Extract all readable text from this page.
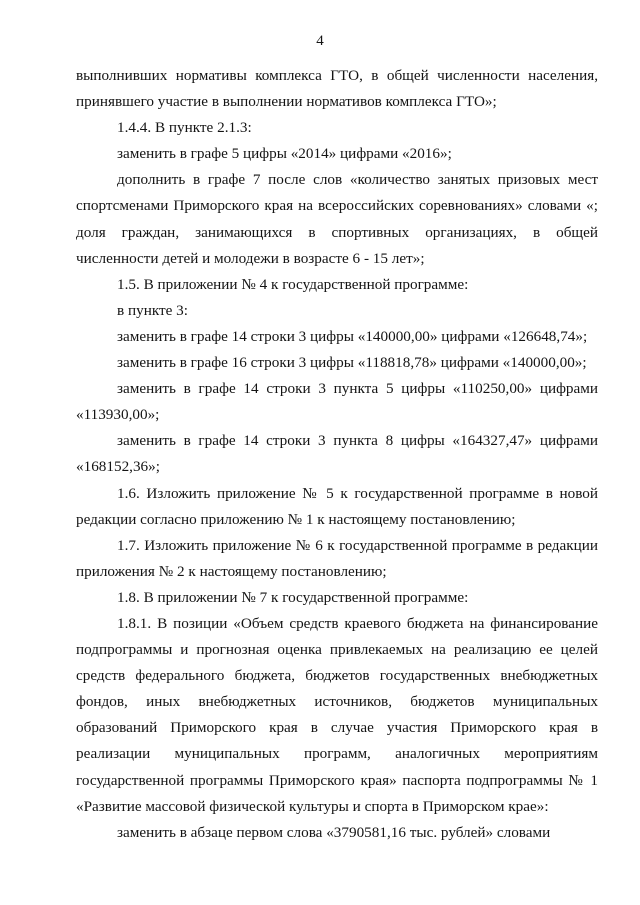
4

выполнивших нормативы комплекса ГТО, в общей численности населения, принявшего участие в выполнении нормативов комплекса ГТО»;

1.4.4. В пункте 2.1.3:

заменить в графе 5 цифры «2014» цифрами «2016»;

дополнить в графе 7 после слов «количество занятых призовых мест спортсменами Приморского края на всероссийских соревнованиях» словами «; доля граждан, занимающихся в спортивных организациях, в общей численности детей и молодежи в возрасте 6 - 15 лет»;

1.5. В приложении № 4 к государственной программе:

в пункте 3:

заменить в графе 14 строки 3 цифры «140000,00» цифрами «126648,74»;

заменить в графе 16 строки 3 цифры «118818,78» цифрами «140000,00»;

заменить в графе 14 строки 3 пункта 5 цифры «110250,00» цифрами «113930,00»;

заменить в графе 14 строки 3 пункта 8 цифры «164327,47» цифрами «168152,36»;

1.6. Изложить приложение № 5 к государственной программе в новой редакции согласно приложению № 1 к настоящему постановлению;

1.7. Изложить приложение № 6 к государственной программе в редакции приложения № 2 к настоящему постановлению;

1.8. В приложении № 7 к государственной программе:

1.8.1. В позиции «Объем средств краевого бюджета на финансирование подпрограммы и прогнозная оценка привлекаемых на реализацию ее целей средств федерального бюджета, бюджетов государственных внебюджетных фондов, иных внебюджетных источников, бюджетов муниципальных образований Приморского края в случае участия Приморского края в реализации муниципальных программ, аналогичных мероприятиям государственной программы Приморского края» паспорта подпрограммы № 1 «Развитие массовой физической культуры и спорта в Приморском крае»:

заменить в абзаце первом слова «3790581,16 тыс. рублей» словами
